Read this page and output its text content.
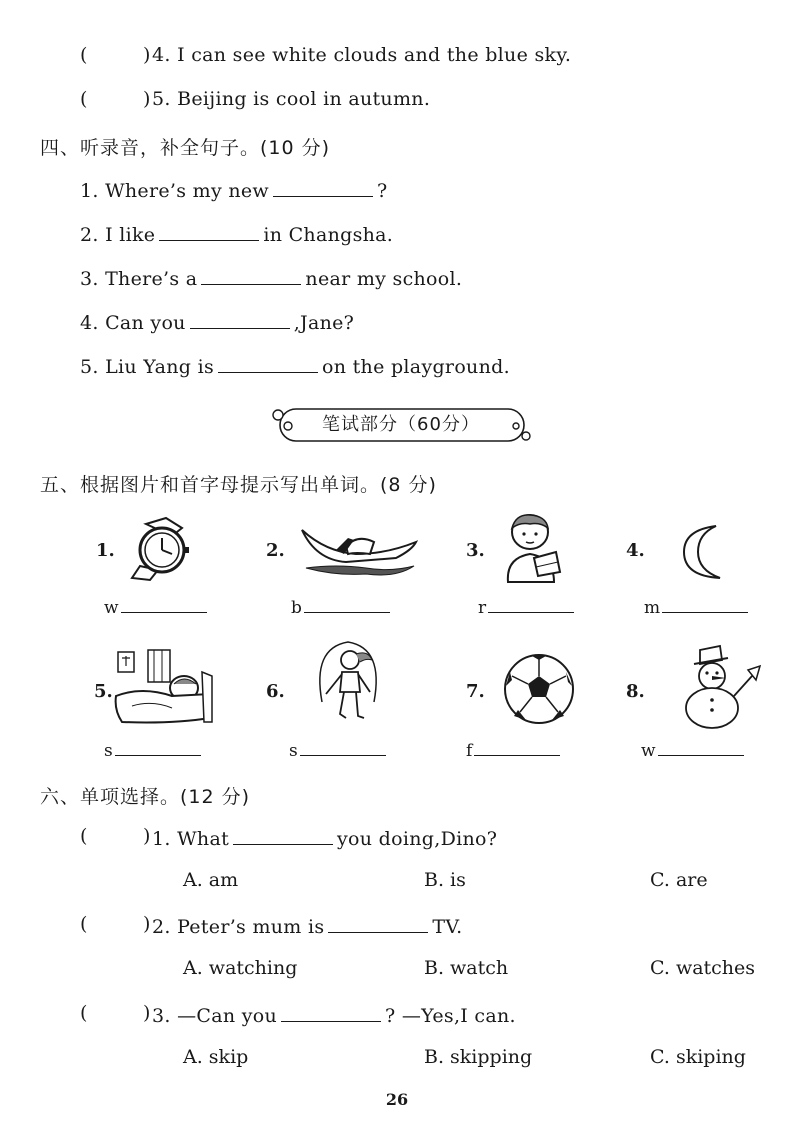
(	) 4. I can see white clouds and the blue sky.
(	) 5. Beijing is cool in autumn.
四、听录音，补全句子。(10 分)
1. Where’s my new	?
2. I like	in Changsha.
3. There’s a	near my school.
4. Can you	,Jane?
5. Liu Yang is	on the playground.
笔试部分（60分）
五、根据图片和首字母提示写出单词。(8 分)
1.
w
2.
b
3.
r
4.
m
5.
s
6.
s
7.
f
8.
w
六、单项选择。(12 分)
(	) 1. What	you doing,Dino?
A. am	B. is	C. are
(	) 2. Peter’s mum is	TV.
A. watching	B. watch	C. watches
(	) 3. —Can you	? —Yes,I can.
A. skip	B. skipping	C. skiping
26
